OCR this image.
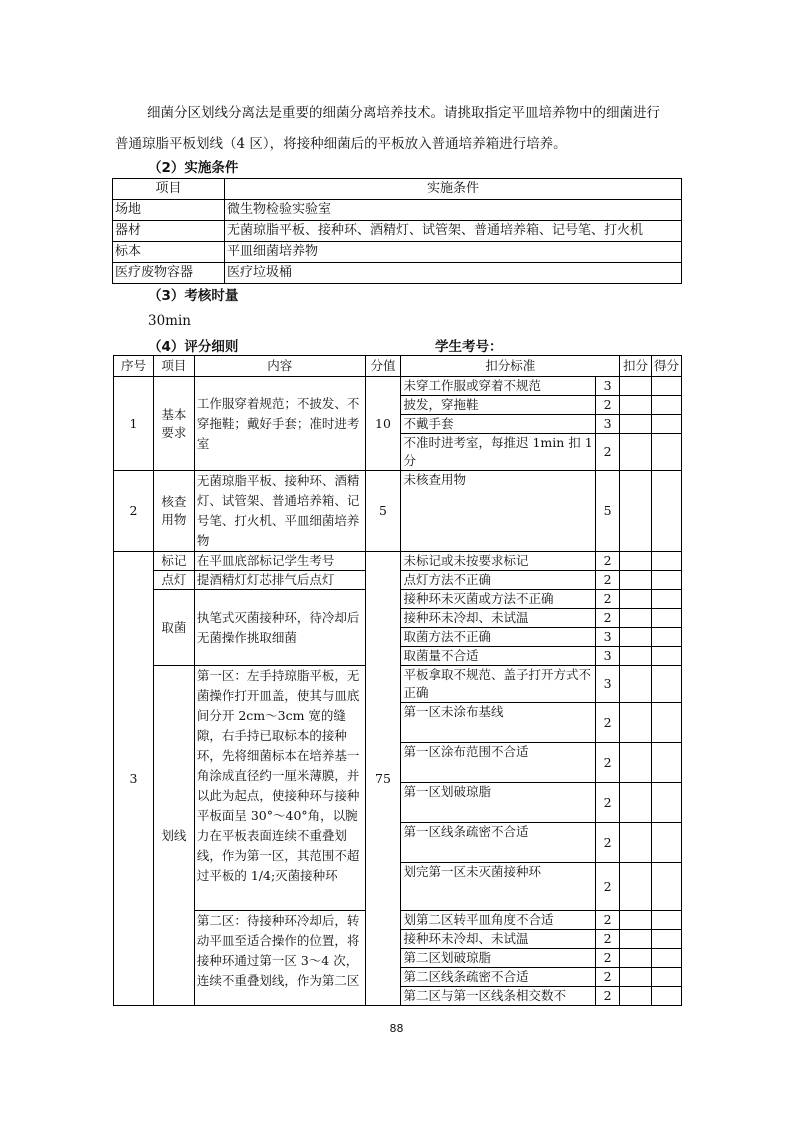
细菌分区划线分离法是重要的细菌分离培养技术。请挑取指定平皿培养物中的细菌进行
普通琼脂平板划线（4 区），将接种细菌后的平板放入普通培养箱进行培养。
（2）实施条件
项目	实施条件
场地	微生物检验实验室
器材	无菌琼脂平板、接种环、酒精灯、试管架、普通培养箱、记号笔、打火机
标本	平皿细菌培养物
医疗废物容器	医疗垃圾桶
（3）考核时量
30min
（4）评分细则	学生考号：
序号	项目	内容	分值	扣分标准		扣分	得分
1	基本要求	工作服穿着规范；不披发、不穿拖鞋；戴好手套；准时进考室	10	未穿工作服或穿着不规范	3		
				披发，穿拖鞋	2		
				不戴手套	3		
				不准时进考室，每推迟 1min 扣 1 分	2		
2	核查用物	无菌琼脂平板、接种环、酒精灯、试管架、普通培养箱、记号笔、打火机、平皿细菌培养物	5	未核查用物	5		
3	标记	在平皿底部标记学生考号	75	未标记或未按要求标记	2		
	点灯	提酒精灯灯芯排气后点灯		点灯方法不正确	2		
	取菌	执笔式灭菌接种环，待冷却后无菌操作挑取细菌		接种环未灭菌或方法不正确	2		
				接种环未冷却、未试温	2		
				取菌方法不正确	3		
				取菌量不合适	3		
	划线	第一区：左手持琼脂平板，无菌操作打开皿盖，使其与皿底间分开 2cm～3cm 宽的缝隙，右手持已取标本的接种环，先将细菌标本在培养基一角涂成直径约一厘米薄膜，并以此为起点，使接种环与接种平板面呈 30°～40°角，以腕力在平板表面连续不重叠划线，作为第一区，其范围不超过平板的 1/4;灭菌接种环		平板拿取不规范、盖子打开方式不正确	3		
				第一区未涂布基线	2		
				第一区涂布范围不合适	2		
				第一区划破琼脂	2		
				第一区线条疏密不合适	2		
				划完第一区未灭菌接种环	2		
		第二区：待接种环冷却后，转动平皿至适合操作的位置，将接种环通过第一区 3～4 次，连续不重叠划线，作为第二区		划第二区转平皿角度不合适	2		
				接种环未冷却、未试温	2		
				第二区划破琼脂	2		
				第二区线条疏密不合适	2		
				第二区与第一区线条相交数不	2		
88
